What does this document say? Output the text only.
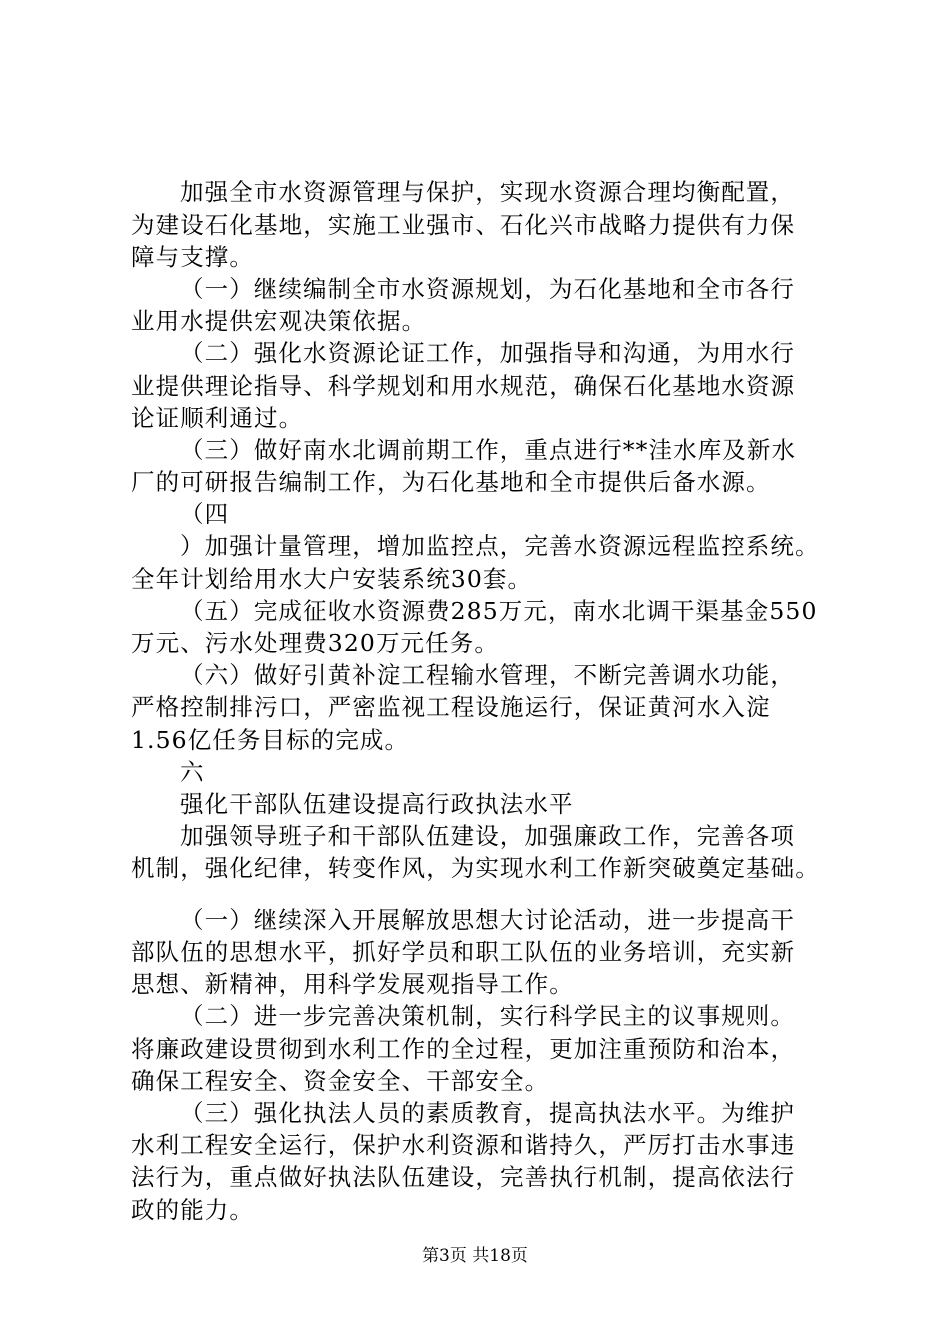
加强全市水资源管理与保护，实现水资源合理均衡配置，
为建设石化基地，实施工业强市、石化兴市战略力提供有力保
障与支撑。
（一）继续编制全市水资源规划，为石化基地和全市各行
业用水提供宏观决策依据。
（二）强化水资源论证工作，加强指导和沟通，为用水行
业提供理论指导、科学规划和用水规范，确保石化基地水资源
论证顺利通过。
（三）做好南水北调前期工作，重点进行**洼水库及新水
厂的可研报告编制工作，为石化基地和全市提供后备水源。
（四
）加强计量管理，增加监控点，完善水资源远程监控系统。
全年计划给用水大户安装系统30套。
（五）完成征收水资源费285万元，南水北调干渠基金550
万元、污水处理费320万元任务。
（六）做好引黄补淀工程输水管理，不断完善调水功能，
严格控制排污口，严密监视工程设施运行，保证黄河水入淀
1.56亿任务目标的完成。
六
强化干部队伍建设提高行政执法水平
加强领导班子和干部队伍建设，加强廉政工作，完善各项
机制，强化纪律，转变作风，为实现水利工作新突破奠定基础。
（一）继续深入开展解放思想大讨论活动，进一步提高干
部队伍的思想水平，抓好学员和职工队伍的业务培训，充实新
思想、新精神，用科学发展观指导工作。
（二）进一步完善决策机制，实行科学民主的议事规则。
将廉政建设贯彻到水利工作的全过程，更加注重预防和治本，
确保工程安全、资金安全、干部安全。
（三）强化执法人员的素质教育，提高执法水平。为维护
水利工程安全运行，保护水利资源和谐持久，严厉打击水事违
法行为，重点做好执法队伍建设，完善执行机制，提高依法行
政的能力。
第3页 共18页
